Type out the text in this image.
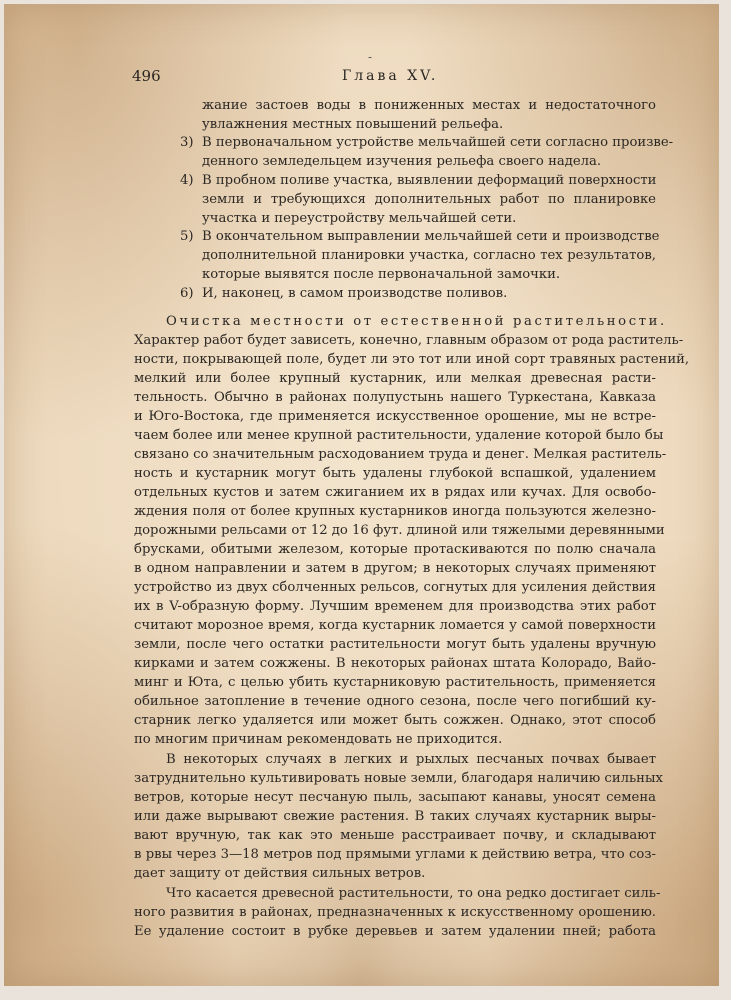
-
496	Глава XV.
жание застоев воды в пониженных местах и недостаточного
увлажнения местных повышений рельефа.
3) В первоначальном устройстве мельчайшей сети согласно произве-
денного земледельцем изучения рельефа своего надела.
4) В пробном поливе участка, выявлении деформаций поверхности
земли и требующихся дополнительных работ по планировке
участка и переустройству мельчайшей сети.
5) В окончательном выправлении мельчайшей сети и производстве
дополнительной планировки участка, согласно тех результатов,
которые выявятся после первоначальной замочки.
6) И, наконец, в самом производстве поливов.
Очистка местности от естественной растительности.
Характер работ будет зависеть, конечно, главным образом от рода раститель-
ности, покрывающей поле, будет ли это тот или иной сорт травяных растений,
мелкий или более крупный кустарник, или мелкая древесная расти-
тельность. Обычно в районах полупустынь нашего Туркестана, Кавказа
и Юго-Востока, где применяется искусственное орошение, мы не встре-
чаем более или менее крупной растительности, удаление которой было бы
связано со значительным расходованием труда и денег. Мелкая раститель-
ность и кустарник могут быть удалены глубокой вспашкой, удалением
отдельных кустов и затем сжиганием их в рядах или кучах. Для освобо-
ждения поля от более крупных кустарников иногда пользуются железно-
дорожными рельсами от 12 до 16 фут. длиной или тяжелыми деревянными
брусками, обитыми железом, которые протаскиваются по полю сначала
в одном направлении и затем в другом; в некоторых случаях применяют
устройство из двух сболченных рельсов, согнутых для усиления действия
их в V-образную форму. Лучшим временем для производства этих работ
считают морозное время, когда кустарник ломается у самой поверхности
земли, после чего остатки растительности могут быть удалены вручную
кирками и затем сожжены. В некоторых районах штата Колорадо, Вайо-
минг и Юта, с целью убить кустарниковую растительность, применяется
обильное затопление в течение одного сезона, после чего погибший ку-
старник легко удаляется или может быть сожжен. Однако, этот способ
по многим причинам рекомендовать не приходится.
В некоторых случаях в легких и рыхлых песчаных почвах бывает
затруднительно культивировать новые земли, благодаря наличию сильных
ветров, которые несут песчаную пыль, засыпают канавы, уносят семена
или даже вырывают свежие растения. В таких случаях кустарник выры-
вают вручную, так как это меньше расстраивает почву, и складывают
в рвы через 3—18 метров под прямыми углами к действию ветра, что соз-
дает защиту от действия сильных ветров.
Что касается древесной растительности, то она редко достигает силь-
ного развития в районах, предназначенных к искусственному орошению.
Ее удаление состоит в рубке деревьев и затем удалении пней; работа
